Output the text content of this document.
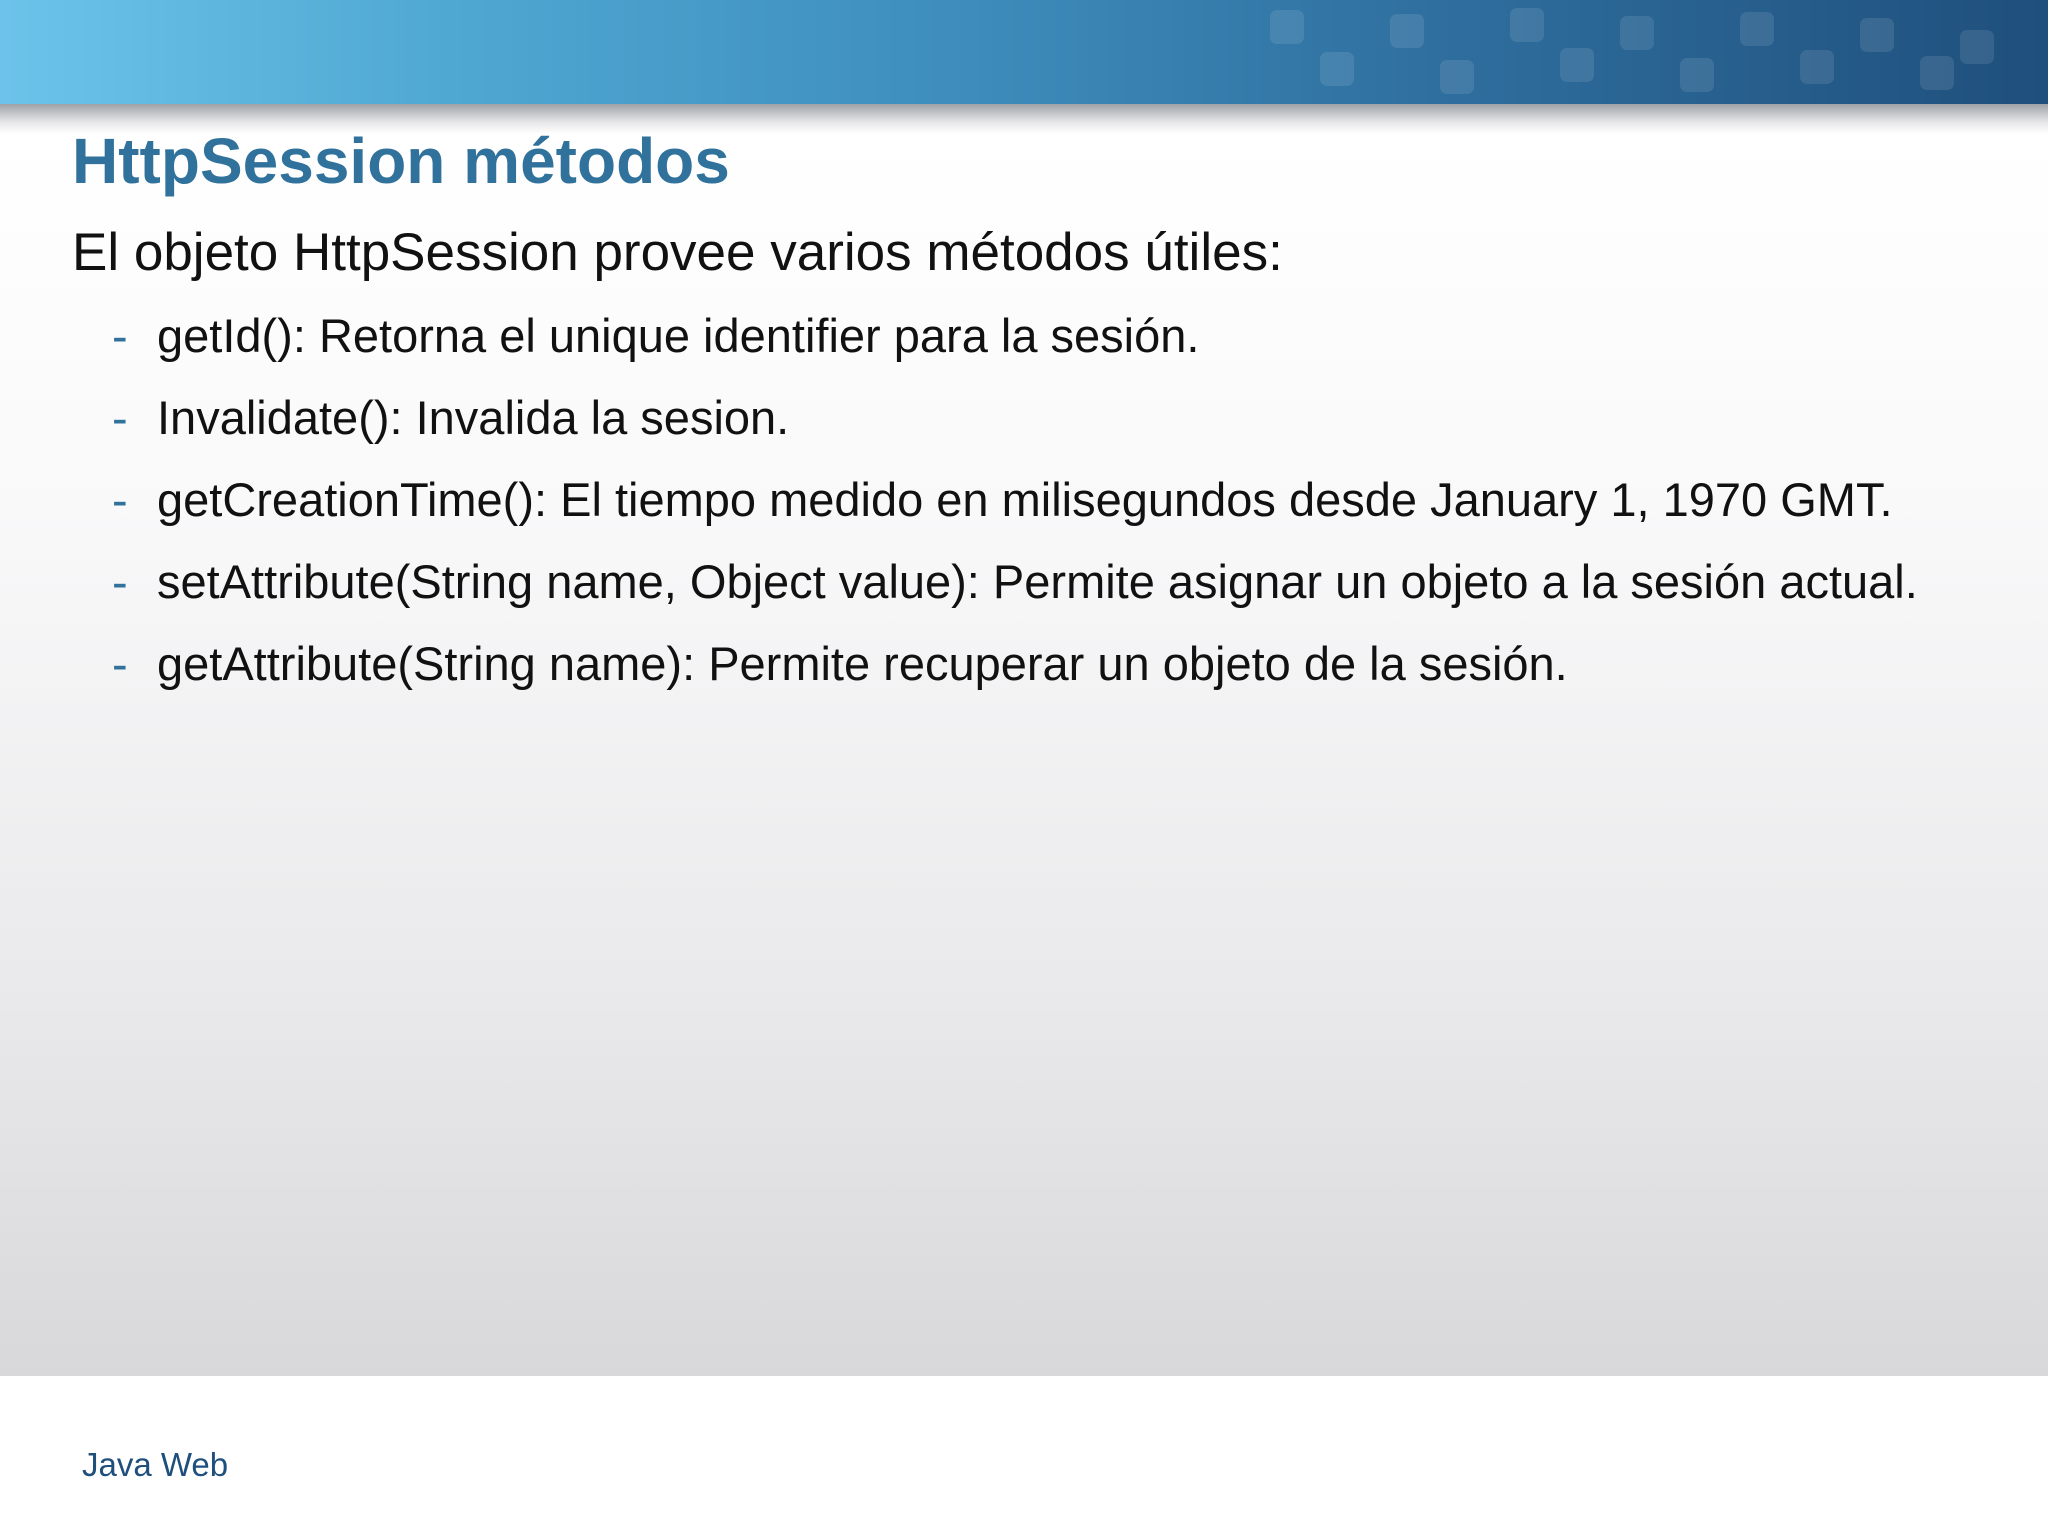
HttpSession métodos
El objeto HttpSession provee varios métodos útiles:
- getId(): Retorna el unique identifier para la sesión.
- Invalidate(): Invalida la sesion.
- getCreationTime(): El tiempo medido en milisegundos desde January 1, 1970 GMT.
- setAttribute(String name, Object value): Permite asignar un objeto a la sesión actual.
- getAttribute(String name): Permite recuperar un objeto de la sesión.
Java Web
